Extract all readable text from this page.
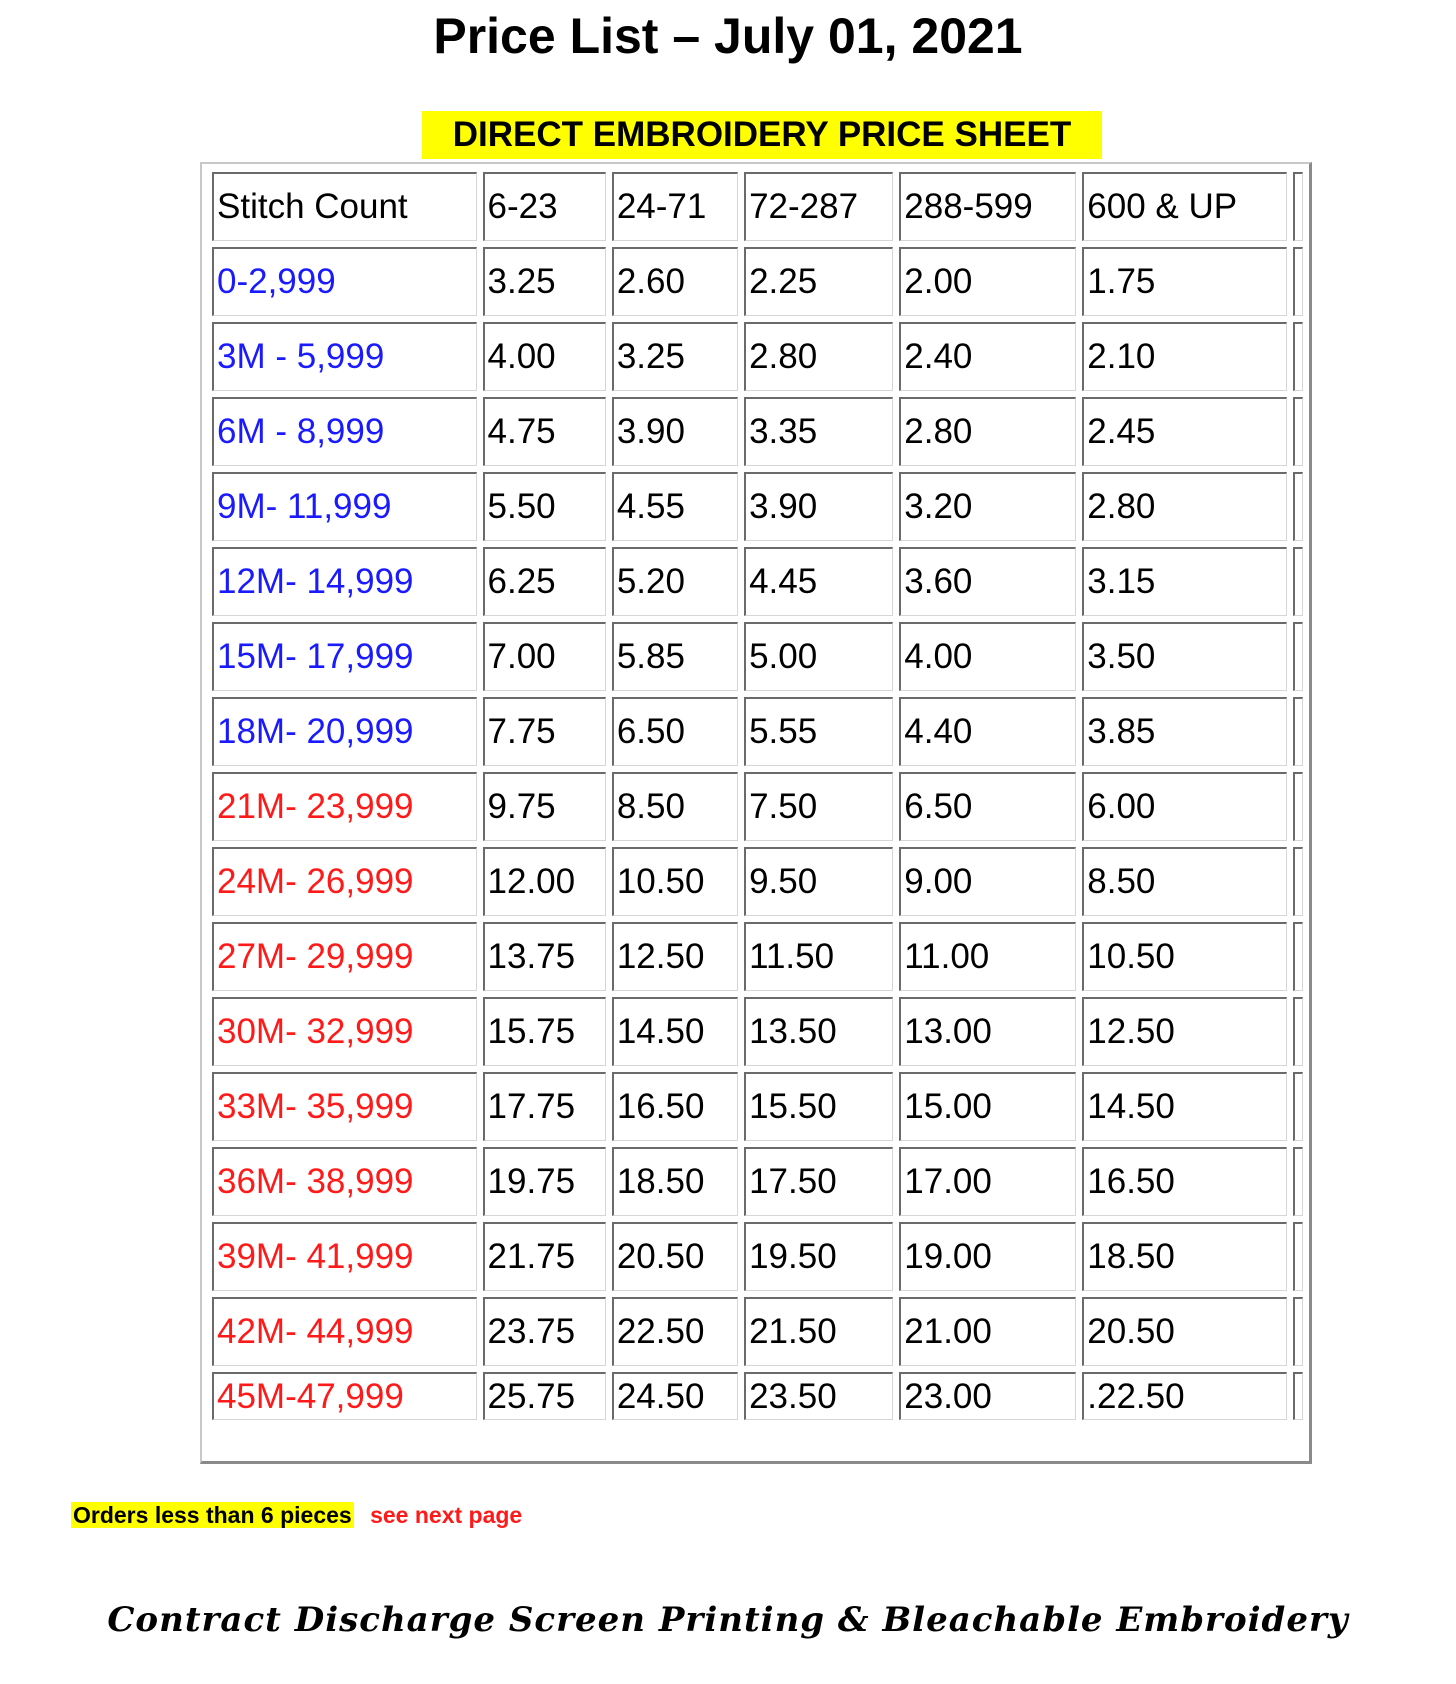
Price List – July 01, 2021
DIRECT EMBROIDERY PRICE SHEET
Stitch Count	6-23	24-71	72-287	288-599	600 & UP	
0-2,999	3.25	2.60	2.25	2.00	1.75	
3M - 5,999	4.00	3.25	2.80	2.40	2.10	
6M - 8,999	4.75	3.90	3.35	2.80	2.45	
9M- 11,999	5.50	4.55	3.90	3.20	2.80	
12M- 14,999	6.25	5.20	4.45	3.60	3.15	
15M- 17,999	7.00	5.85	5.00	4.00	3.50	
18M- 20,999	7.75	6.50	5.55	4.40	3.85	
21M- 23,999	9.75	8.50	7.50	6.50	6.00	
24M- 26,999	12.00	10.50	9.50	9.00	8.50	
27M- 29,999	13.75	12.50	11.50	11.00	10.50	
30M- 32,999	15.75	14.50	13.50	13.00	12.50	
33M- 35,999	17.75	16.50	15.50	15.00	14.50	
36M- 38,999	19.75	18.50	17.50	17.00	16.50	
39M- 41,999	21.75	20.50	19.50	19.00	18.50	
42M- 44,999	23.75	22.50	21.50	21.00	20.50	
45M-47,999	25.75	24.50	23.50	23.00	.22.50	
Orders less than 6 pieces see next page
Contract Discharge Screen Printing & Bleachable Embroidery
